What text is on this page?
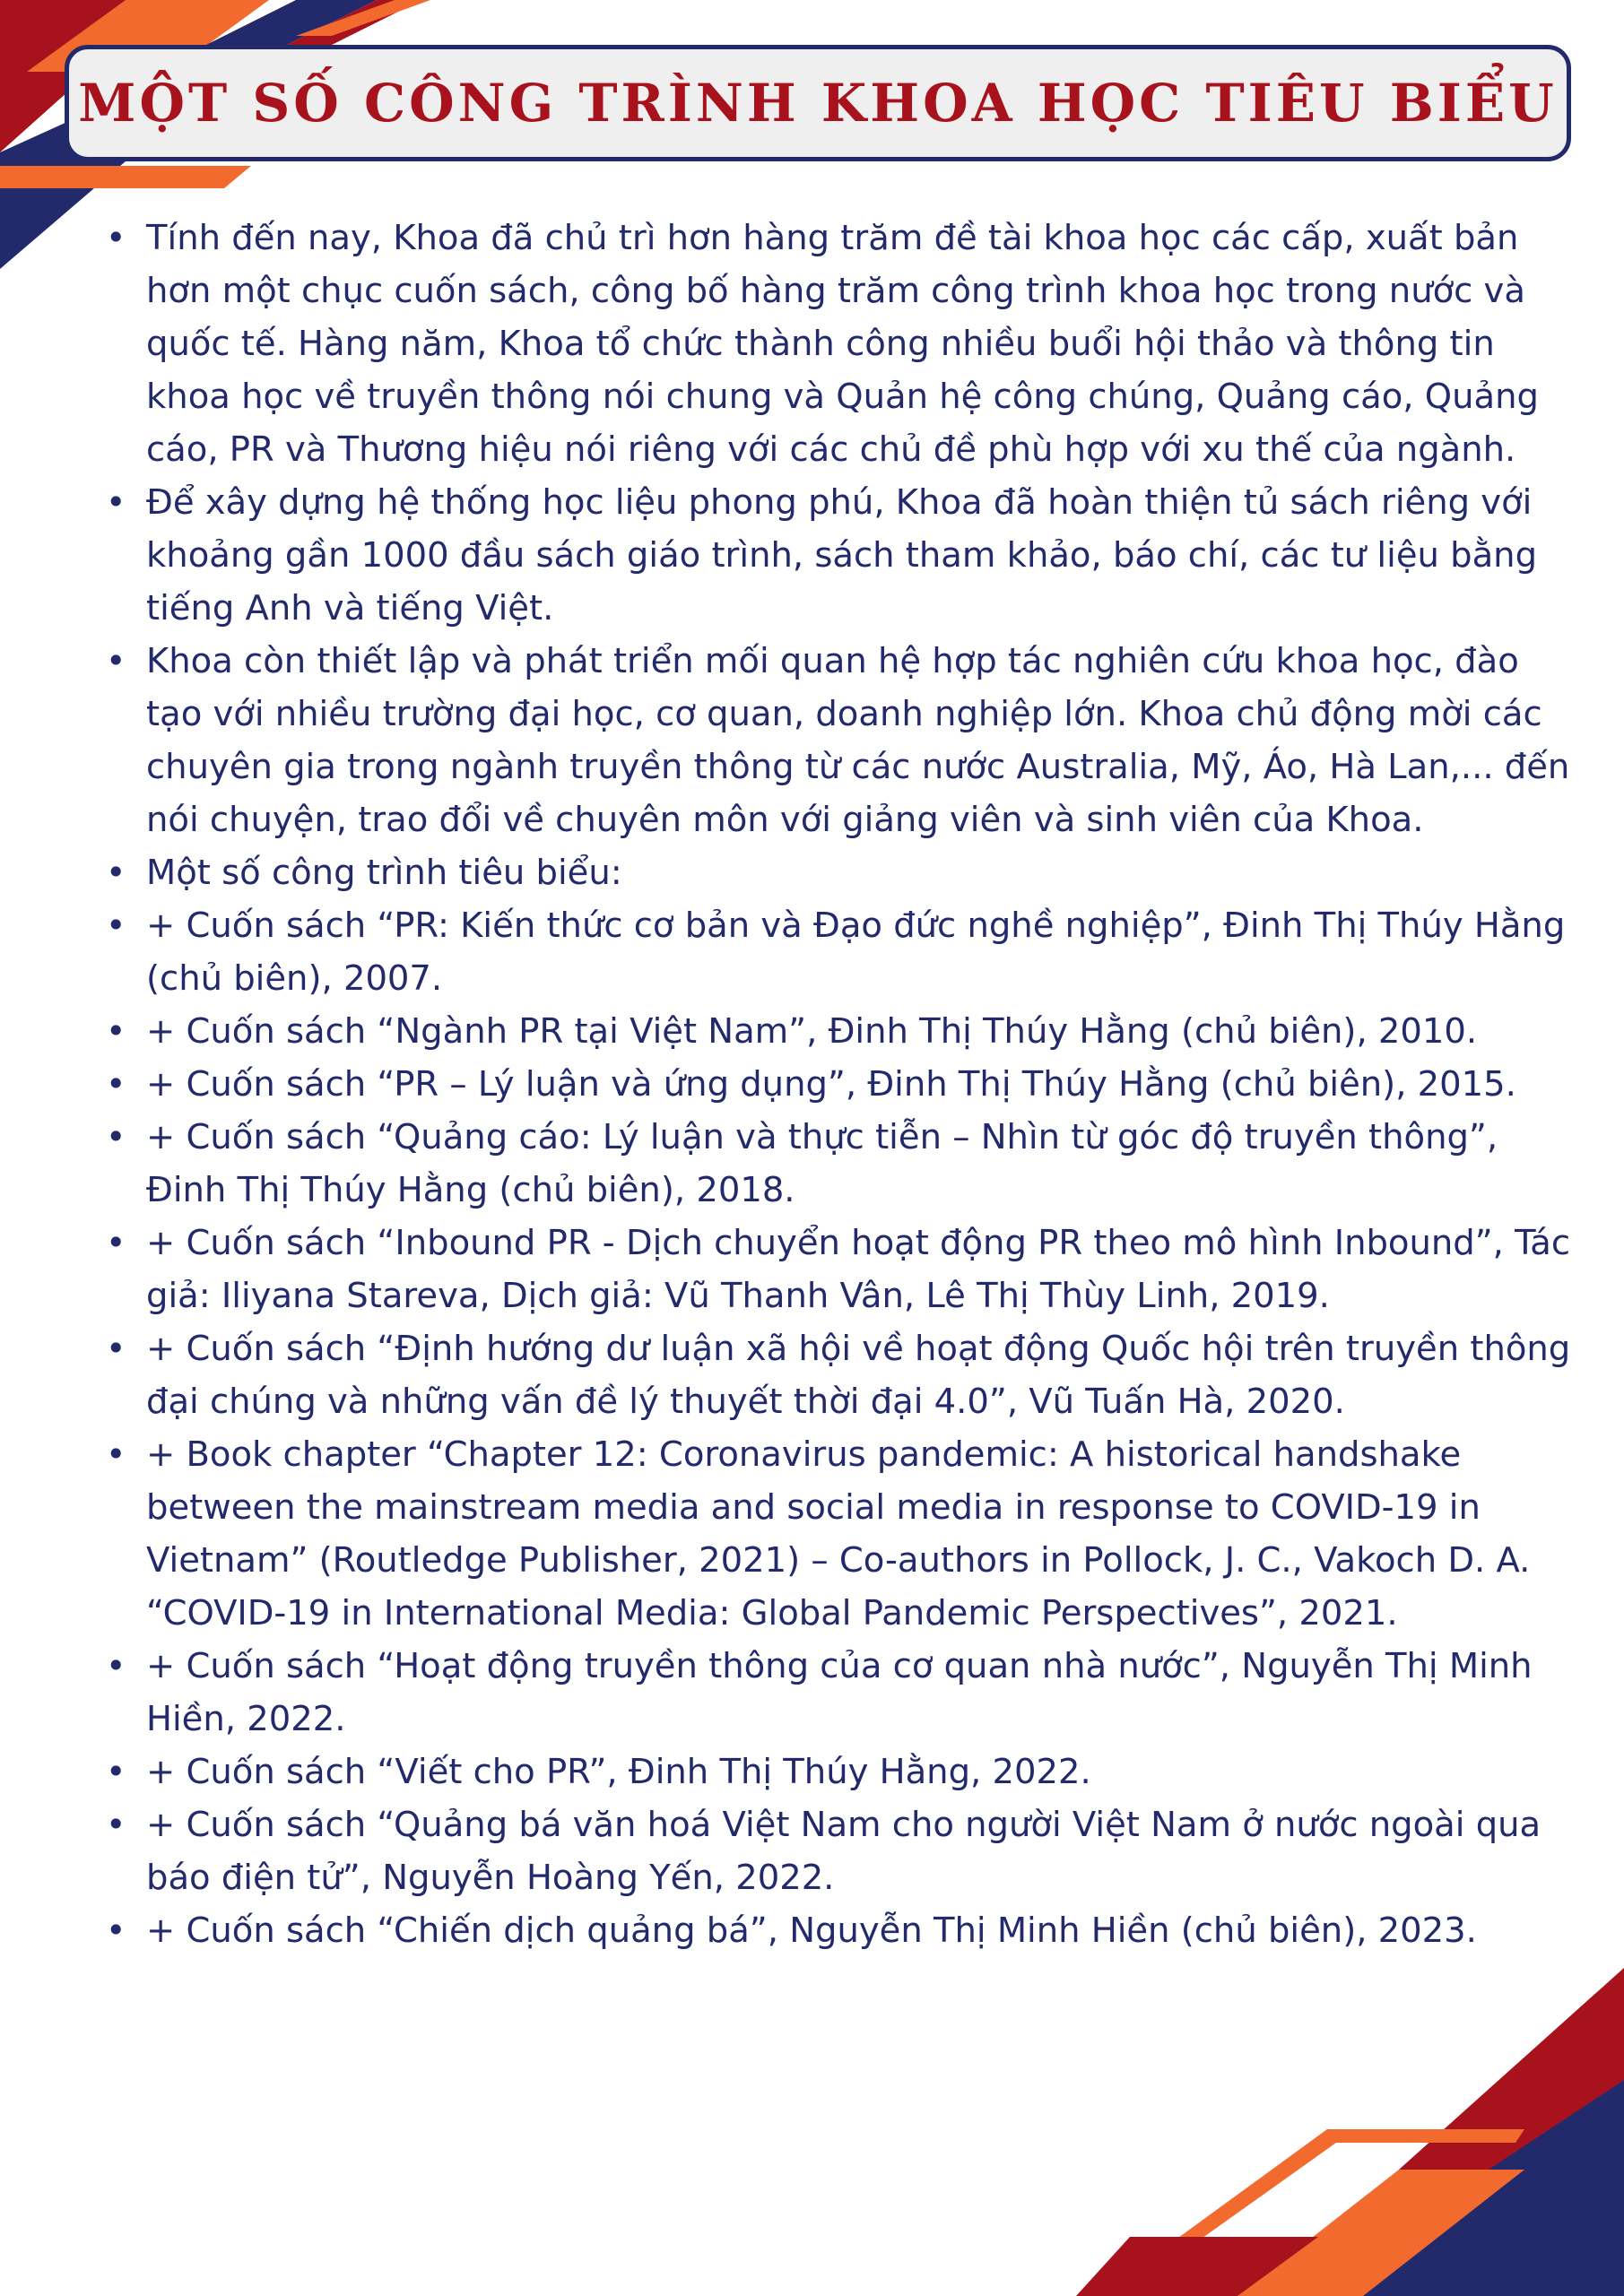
MỘT SỐ CÔNG TRÌNH KHOA HỌC TIÊU BIỂU
• Tính đến nay, Khoa đã chủ trì hơn hàng trăm đề tài khoa học các cấp, xuất bản hơn một chục cuốn sách, công bố hàng trăm công trình khoa học trong nước và quốc tế. Hàng năm, Khoa tổ chức thành công nhiều buổi hội thảo và thông tin khoa học về truyền thông nói chung và Quản hệ công chúng, Quảng cáo, Quảng cáo, PR và Thương hiệu nói riêng với các chủ đề phù hợp với xu thế của ngành.
• Để xây dựng hệ thống học liệu phong phú, Khoa đã hoàn thiện tủ sách riêng với khoảng gần 1000 đầu sách giáo trình, sách tham khảo, báo chí, các tư liệu bằng tiếng Anh và tiếng Việt.
• Khoa còn thiết lập và phát triển mối quan hệ hợp tác nghiên cứu khoa học, đào tạo với nhiều trường đại học, cơ quan, doanh nghiệp lớn. Khoa chủ động mời các chuyên gia trong ngành truyền thông từ các nước Australia, Mỹ, Áo, Hà Lan,... đến nói chuyện, trao đổi về chuyên môn với giảng viên và sinh viên của Khoa.
• Một số công trình tiêu biểu:
• + Cuốn sách “PR: Kiến thức cơ bản và Đạo đức nghề nghiệp”, Đinh Thị Thúy Hằng (chủ biên), 2007.
• + Cuốn sách “Ngành PR tại Việt Nam”, Đinh Thị Thúy Hằng (chủ biên), 2010.
• + Cuốn sách “PR – Lý luận và ứng dụng”, Đinh Thị Thúy Hằng (chủ biên), 2015.
• + Cuốn sách “Quảng cáo: Lý luận và thực tiễn – Nhìn từ góc độ truyền thông”, Đinh Thị Thúy Hằng (chủ biên), 2018.
• + Cuốn sách “Inbound PR - Dịch chuyển hoạt động PR theo mô hình Inbound”, Tác giả: Iliyana Stareva, Dịch giả: Vũ Thanh Vân, Lê Thị Thùy Linh, 2019.
• + Cuốn sách “Định hướng dư luận xã hội về hoạt động Quốc hội trên truyền thông đại chúng và những vấn đề lý thuyết thời đại 4.0”, Vũ Tuấn Hà, 2020.
• + Book chapter “Chapter 12: Coronavirus pandemic: A historical handshake between the mainstream media and social media in response to COVID-19 in Vietnam” (Routledge Publisher, 2021) – Co-authors in Pollock, J. C., Vakoch D. A. “COVID-19 in International Media: Global Pandemic Perspectives”, 2021.
• + Cuốn sách “Hoạt động truyền thông của cơ quan nhà nước”, Nguyễn Thị Minh Hiền, 2022.
• + Cuốn sách “Viết cho PR”, Đinh Thị Thúy Hằng, 2022.
• + Cuốn sách “Quảng bá văn hoá Việt Nam cho người Việt Nam ở nước ngoài qua báo điện tử”, Nguyễn Hoàng Yến, 2022.
• + Cuốn sách “Chiến dịch quảng bá”, Nguyễn Thị Minh Hiền (chủ biên), 2023.
